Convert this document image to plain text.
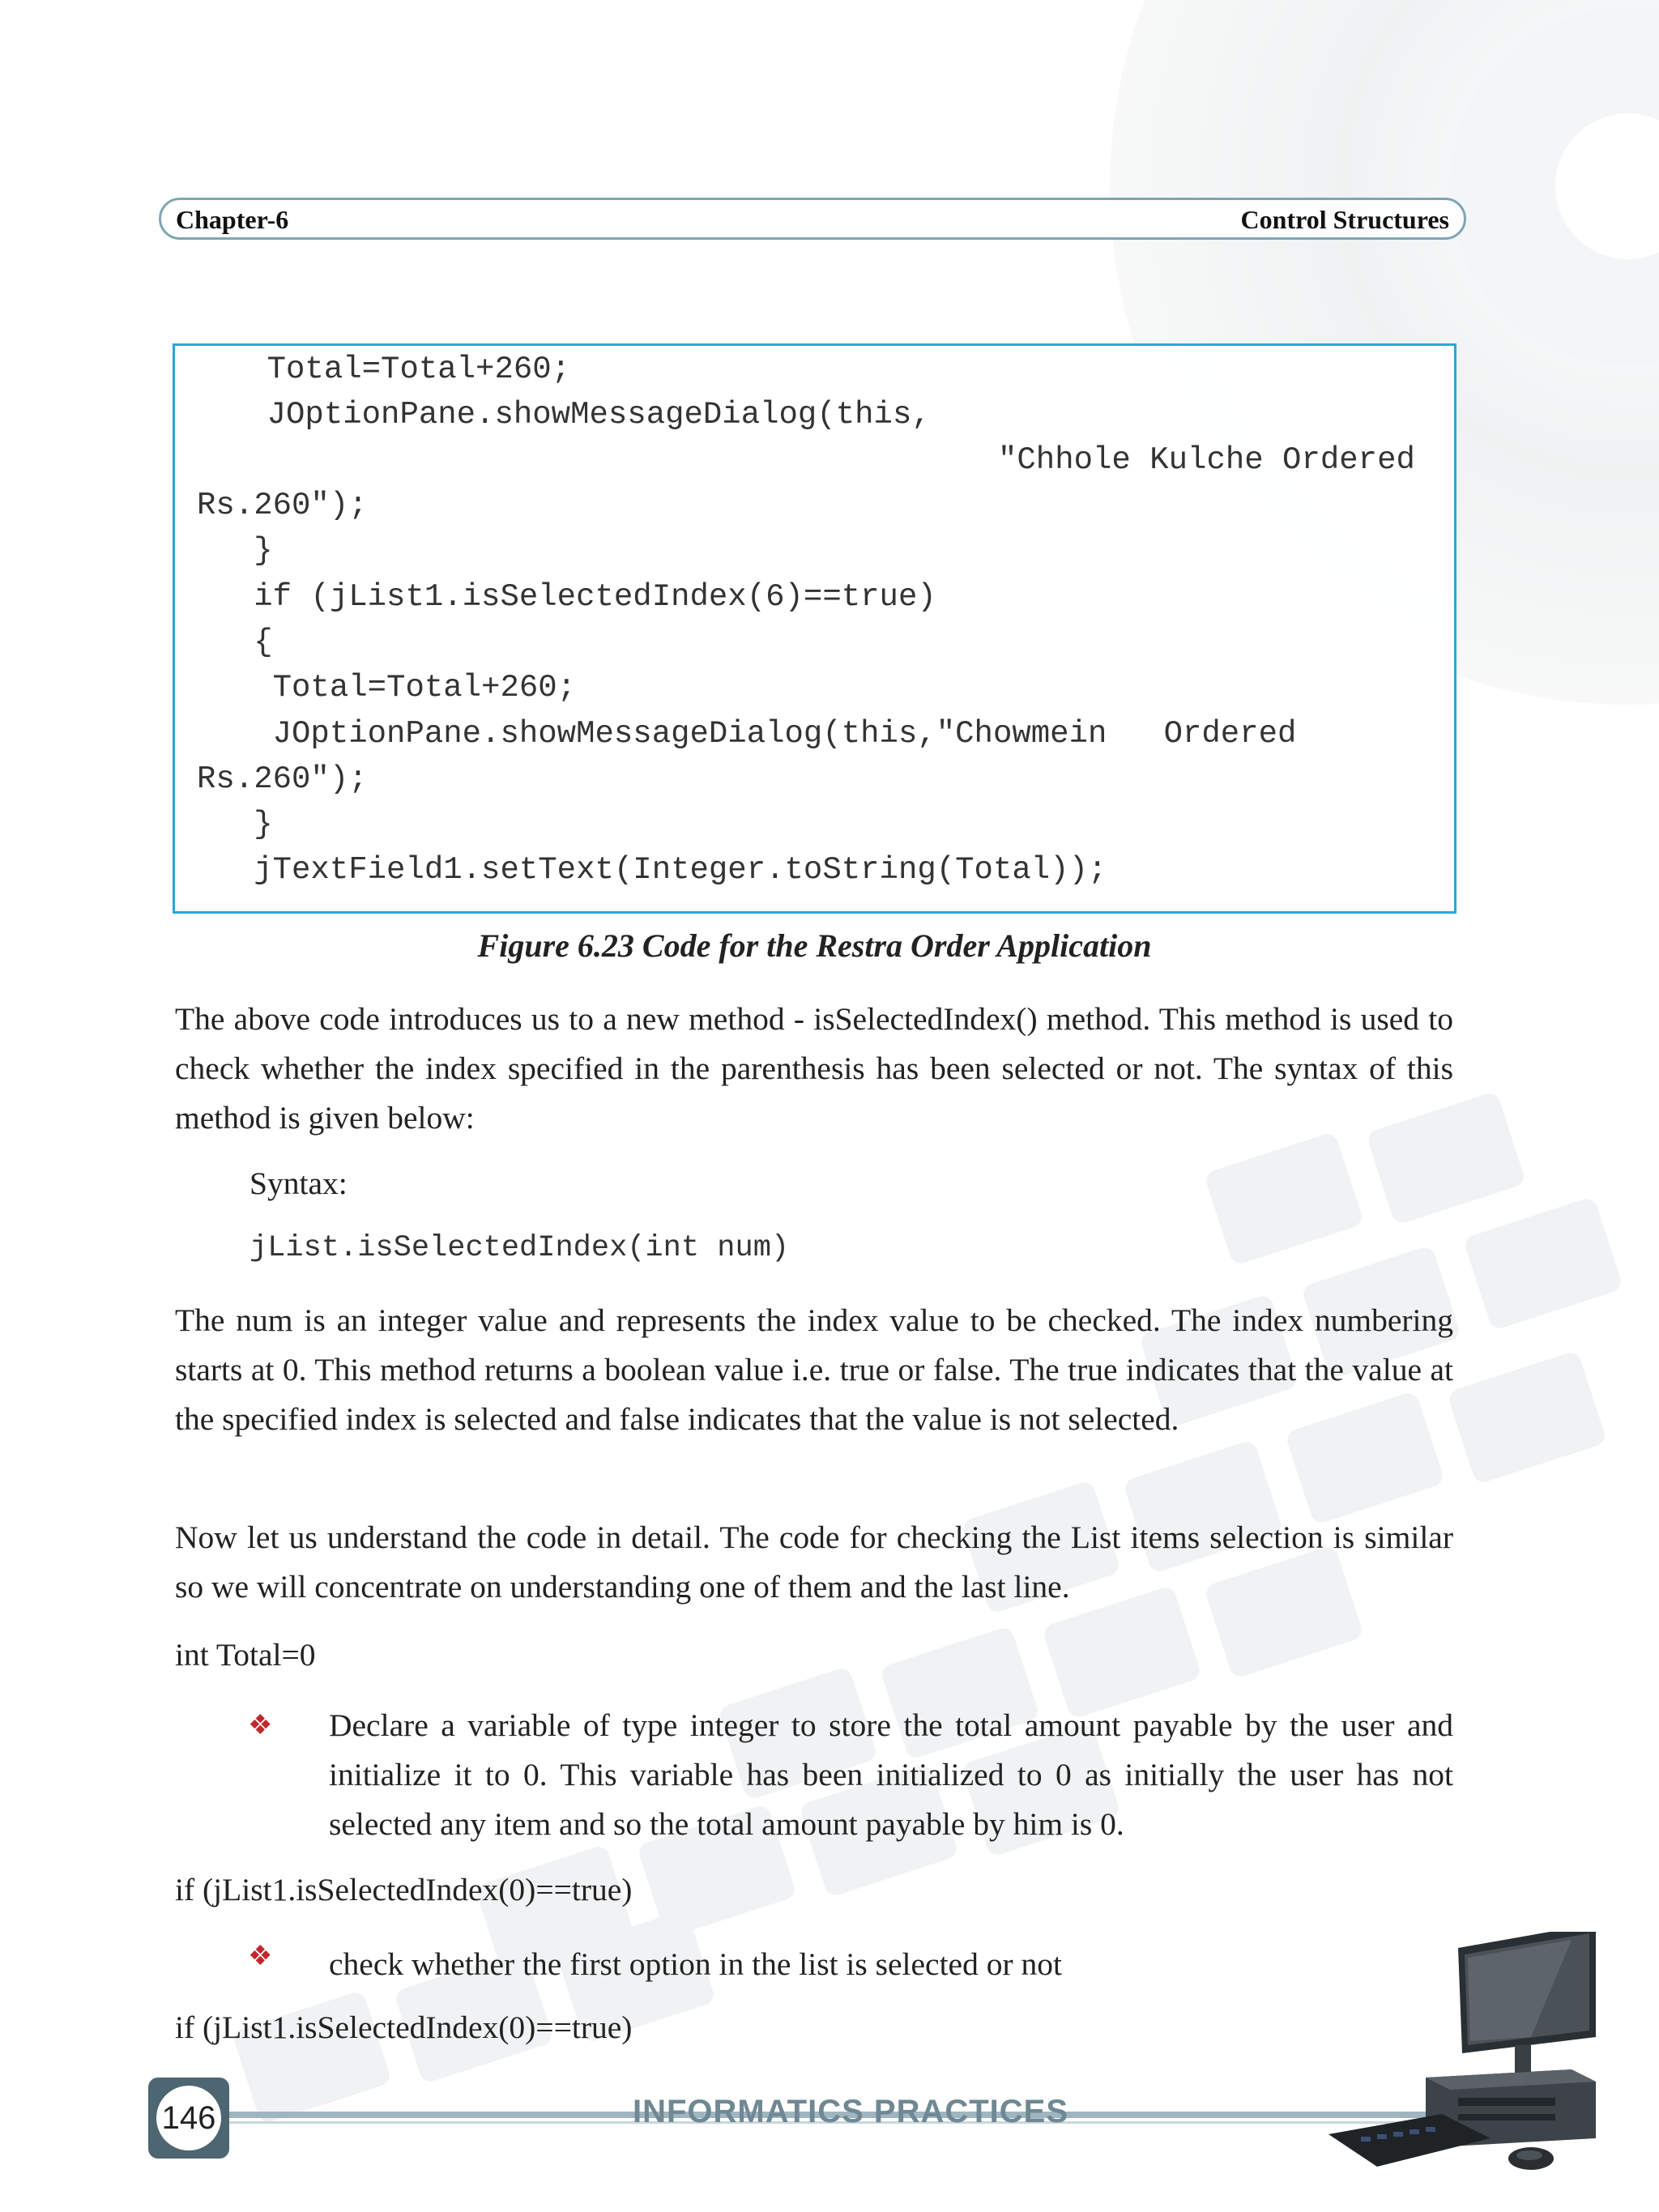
Chapter-6	Control Structures
Total=Total+260;
JOptionPane.showMessageDialog(this,
"Chhole Kulche Ordered
Rs.260");
}
if (jList1.isSelectedIndex(6)==true)
{
Total=Total+260;
JOptionPane.showMessageDialog(this,"Chowmein   Ordered
Rs.260");
}
jTextField1.setText(Integer.toString(Total));
Figure 6.23 Code for the Restra Order Application
The above code introduces us to a new method - isSelectedIndex() method. This method is used to check whether the index specified in the parenthesis has been selected or not. The syntax of this method is given below:
Syntax:
jList.isSelectedIndex(int num)
The num is an integer value and represents the index value to be checked. The index numbering starts at 0. This method returns a boolean value i.e. true or false. The true indicates that the value at the specified index is selected and false indicates that the value is not selected.
Now let us understand the code in detail. The code for checking the List items selection is similar so we will concentrate on understanding one of them and the last line.
int Total=0
❖ Declare a variable of type integer to store the total amount payable by the user and initialize it to 0. This variable has been initialized to 0 as initially the user has not selected any item and so the total amount payable by him is 0.
if (jList1.isSelectedIndex(0)==true)
❖ check whether the first option in the list is selected or not
if (jList1.isSelectedIndex(0)==true)
146	INFORMATICS PRACTICES
